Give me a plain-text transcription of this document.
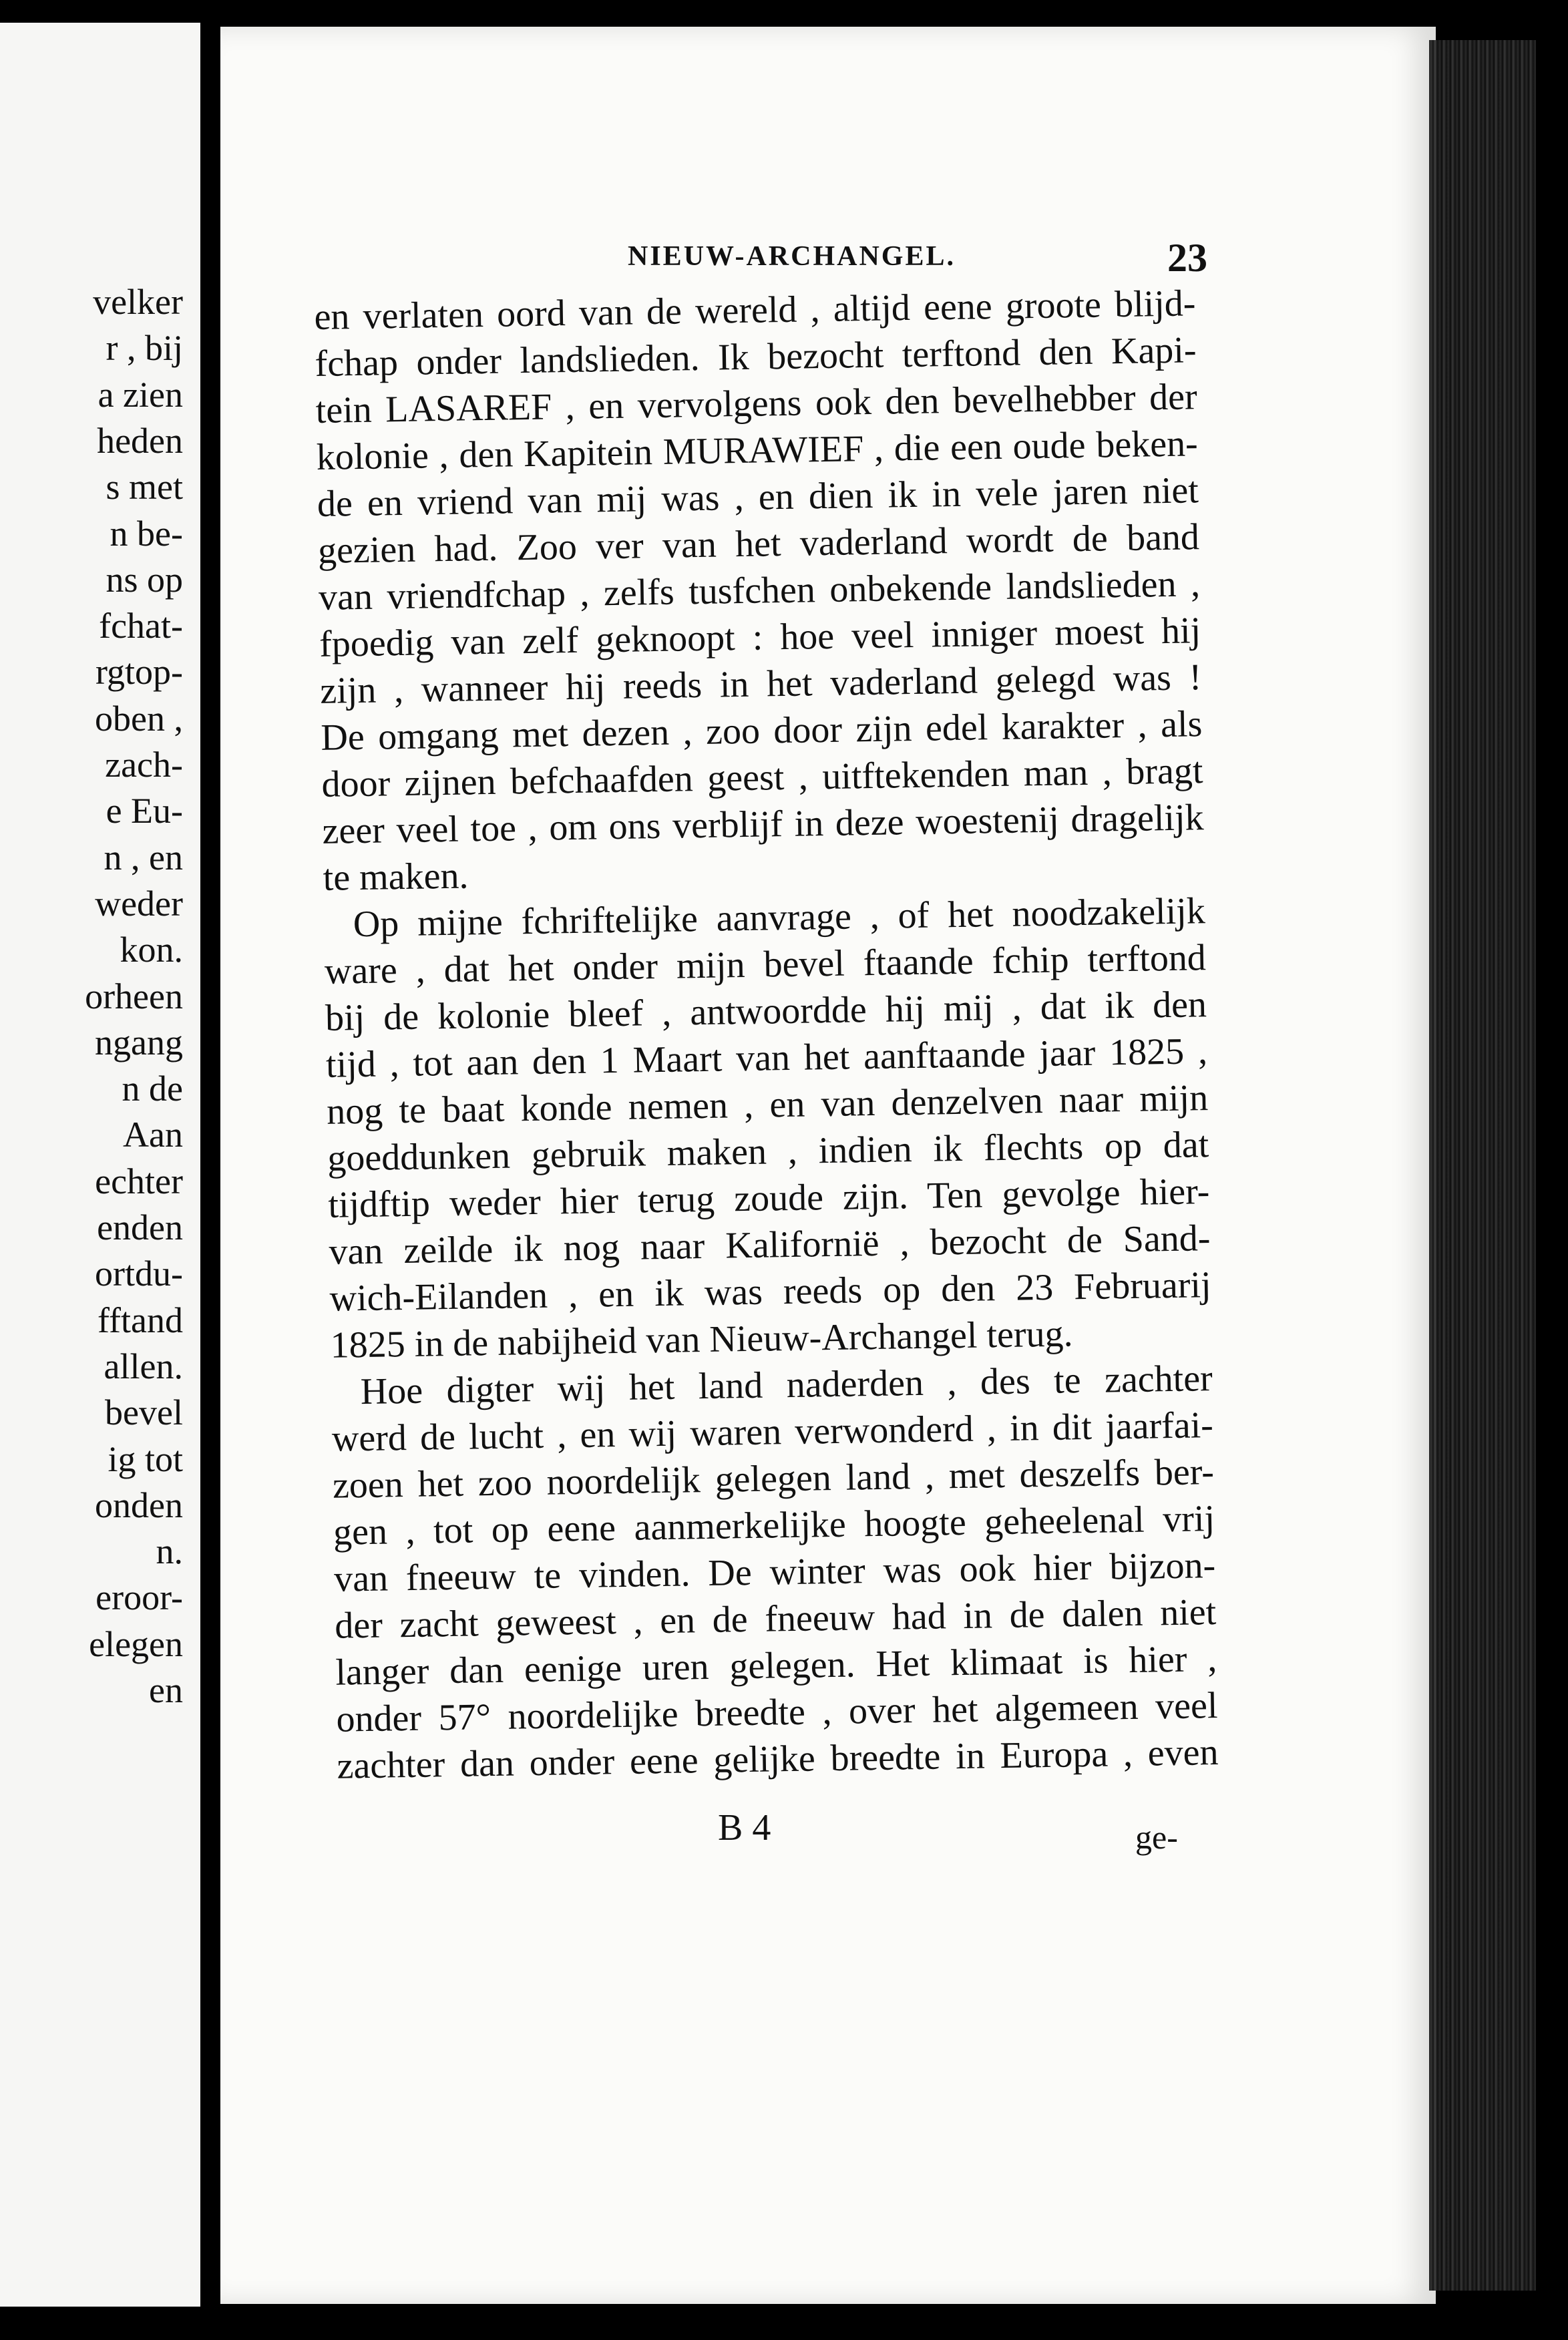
velker
r , bij
a zien
heden
s met
n be-
ns op
fchat-
rgtop-
oben ,
zach-
e Eu-
n , en
weder
kon.
orheen
ngang
n de
Aan
echter
enden
ortdu-
fftand
allen.
bevel
ig tot
onden
n.
eroor-
elegen
en
NIEUW-ARCHANGEL.	23
en verlaten oord van de wereld , altijd eene groote blijd-
fchap onder landslieden. Ik bezocht terftond den Kapi-
tein LASAREF , en vervolgens ook den bevelhebber der
kolonie , den Kapitein MURAWIEF , die een oude beken-
de en vriend van mij was , en dien ik in vele jaren niet
gezien had. Zoo ver van het vaderland wordt de band
van vriendfchap , zelfs tusfchen onbekende landslieden ,
fpoedig van zelf geknoopt : hoe veel inniger moest hij
zijn , wanneer hij reeds in het vaderland gelegd was !
De omgang met dezen , zoo door zijn edel karakter , als
door zijnen befchaafden geest , uitftekenden man , bragt
zeer veel toe , om ons verblijf in deze woestenij dragelijk
te maken.
Op mijne fchriftelijke aanvrage , of het noodzakelijk
ware , dat het onder mijn bevel ftaande fchip terftond
bij de kolonie bleef , antwoordde hij mij , dat ik den
tijd , tot aan den 1 Maart van het aanftaande jaar 1825 ,
nog te baat konde nemen , en van denzelven naar mijn
goeddunken gebruik maken , indien ik flechts op dat
tijdftip weder hier terug zoude zijn. Ten gevolge hier-
van zeilde ik nog naar Kalifornië , bezocht de Sand-
wich-Eilanden , en ik was reeds op den 23 Februarij
1825 in de nabijheid van Nieuw-Archangel terug.
Hoe digter wij het land naderden , des te zachter
werd de lucht , en wij waren verwonderd , in dit jaarfai-
zoen het zoo noordelijk gelegen land , met deszelfs ber-
gen , tot op eene aanmerkelijke hoogte geheelenal vrij
van fneeuw te vinden. De winter was ook hier bijzon-
der zacht geweest , en de fneeuw had in de dalen niet
langer dan eenige uren gelegen. Het klimaat is hier ,
onder 57° noordelijke breedte , over het algemeen veel
zachter dan onder eene gelijke breedte in Europa , even
B 4	ge-
